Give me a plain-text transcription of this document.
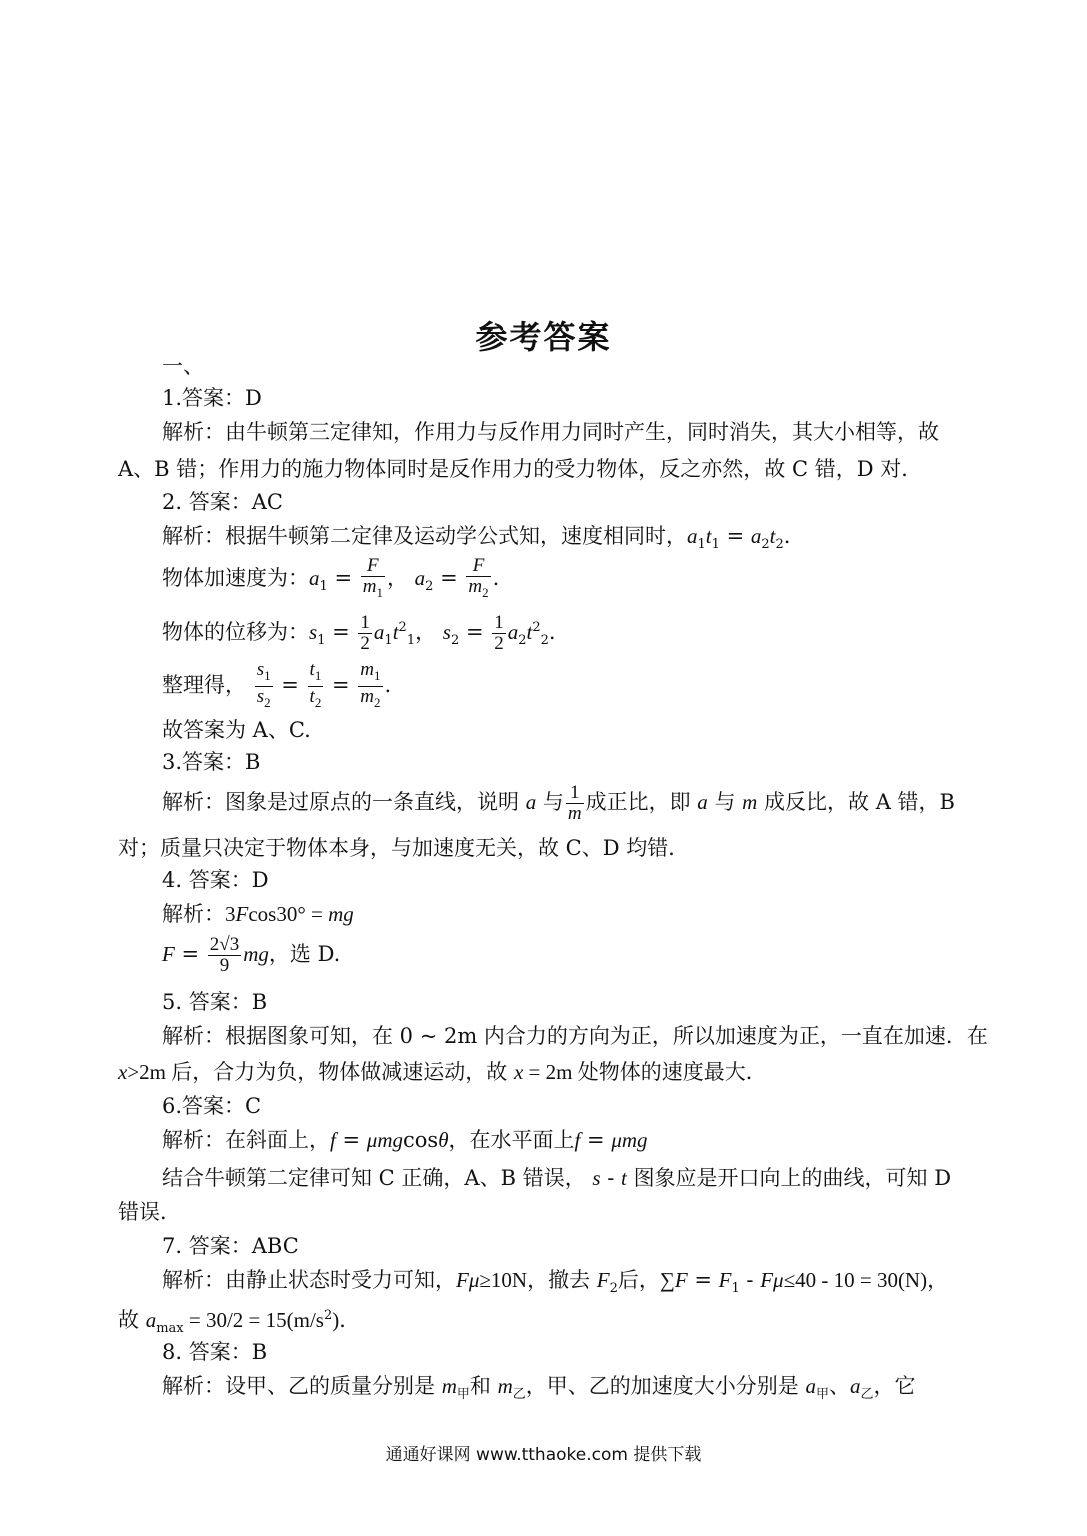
参考答案
一、
1.答案：D
解析：由牛顿第三定律知，作用力与反作用力同时产生，同时消失，其大小相等，故
A、B 错；作用力的施力物体同时是反作用力的受力物体，反之亦然，故 C 错，D 对．
2. 答案：AC
解析：根据牛顿第二定律及运动学公式知，速度相同时，$a_1t_1 = a_2t_2$.
物体加速度为：$a_1 = \frac{F}{m_1}$ ， $a_2 = \frac{F}{m_2}$ .
物体的位移为：$s_1 = \frac{1}{2} a_1t^2_1$， $s_2 = \frac{1}{2} a_2t^2_2$.
整理得， $\frac{s_1}{s_2} = \frac{t_1}{t_2} = \frac{m_1}{m_2}$ .
故答案为 A、C.
3.答案：B
解析：图象是过原点的一条直线，说明 a 与 $\frac{1}{m}$ 成正比，即 a 与 m 成反比，故 A 错，B
对；质量只决定于物体本身，与加速度无关，故 C、D 均错．
4. 答案：D
解析：3Fcos30° = mg
$F = \frac{2√3}{9}$ mg，选 D.
5. 答案：B
解析：根据图象可知，在 0 ~ 2m 内合力的方向为正，所以加速度为正，一直在加速．在
x>2m 后，合力为负，物体做减速运动，故 x = 2m 处物体的速度最大．
6.答案：C
解析：在斜面上，f = μmgcosθ，在水平面上f = μmg
结合牛顿第二定律可知 C 正确，A、B 错误， s - t 图象应是开口向上的曲线，可知 D
错误．
7. 答案：ABC
解析：由静止状态时受力可知，Fμ≥10N，撤去 $F_2$后，$\sum F = F_1 - F\mu\le 40 - 10 = 30(N)$，
故 $a_{max} = 30/2 = 15(m/s^2)$．
8. 答案：B
解析：设甲、乙的质量分别是 $m_甲$和 $m_乙$，甲、乙的加速度大小分别是 $a_甲$、$a_乙$，它
通通好课网 www.tthaoke.com 提供下载
